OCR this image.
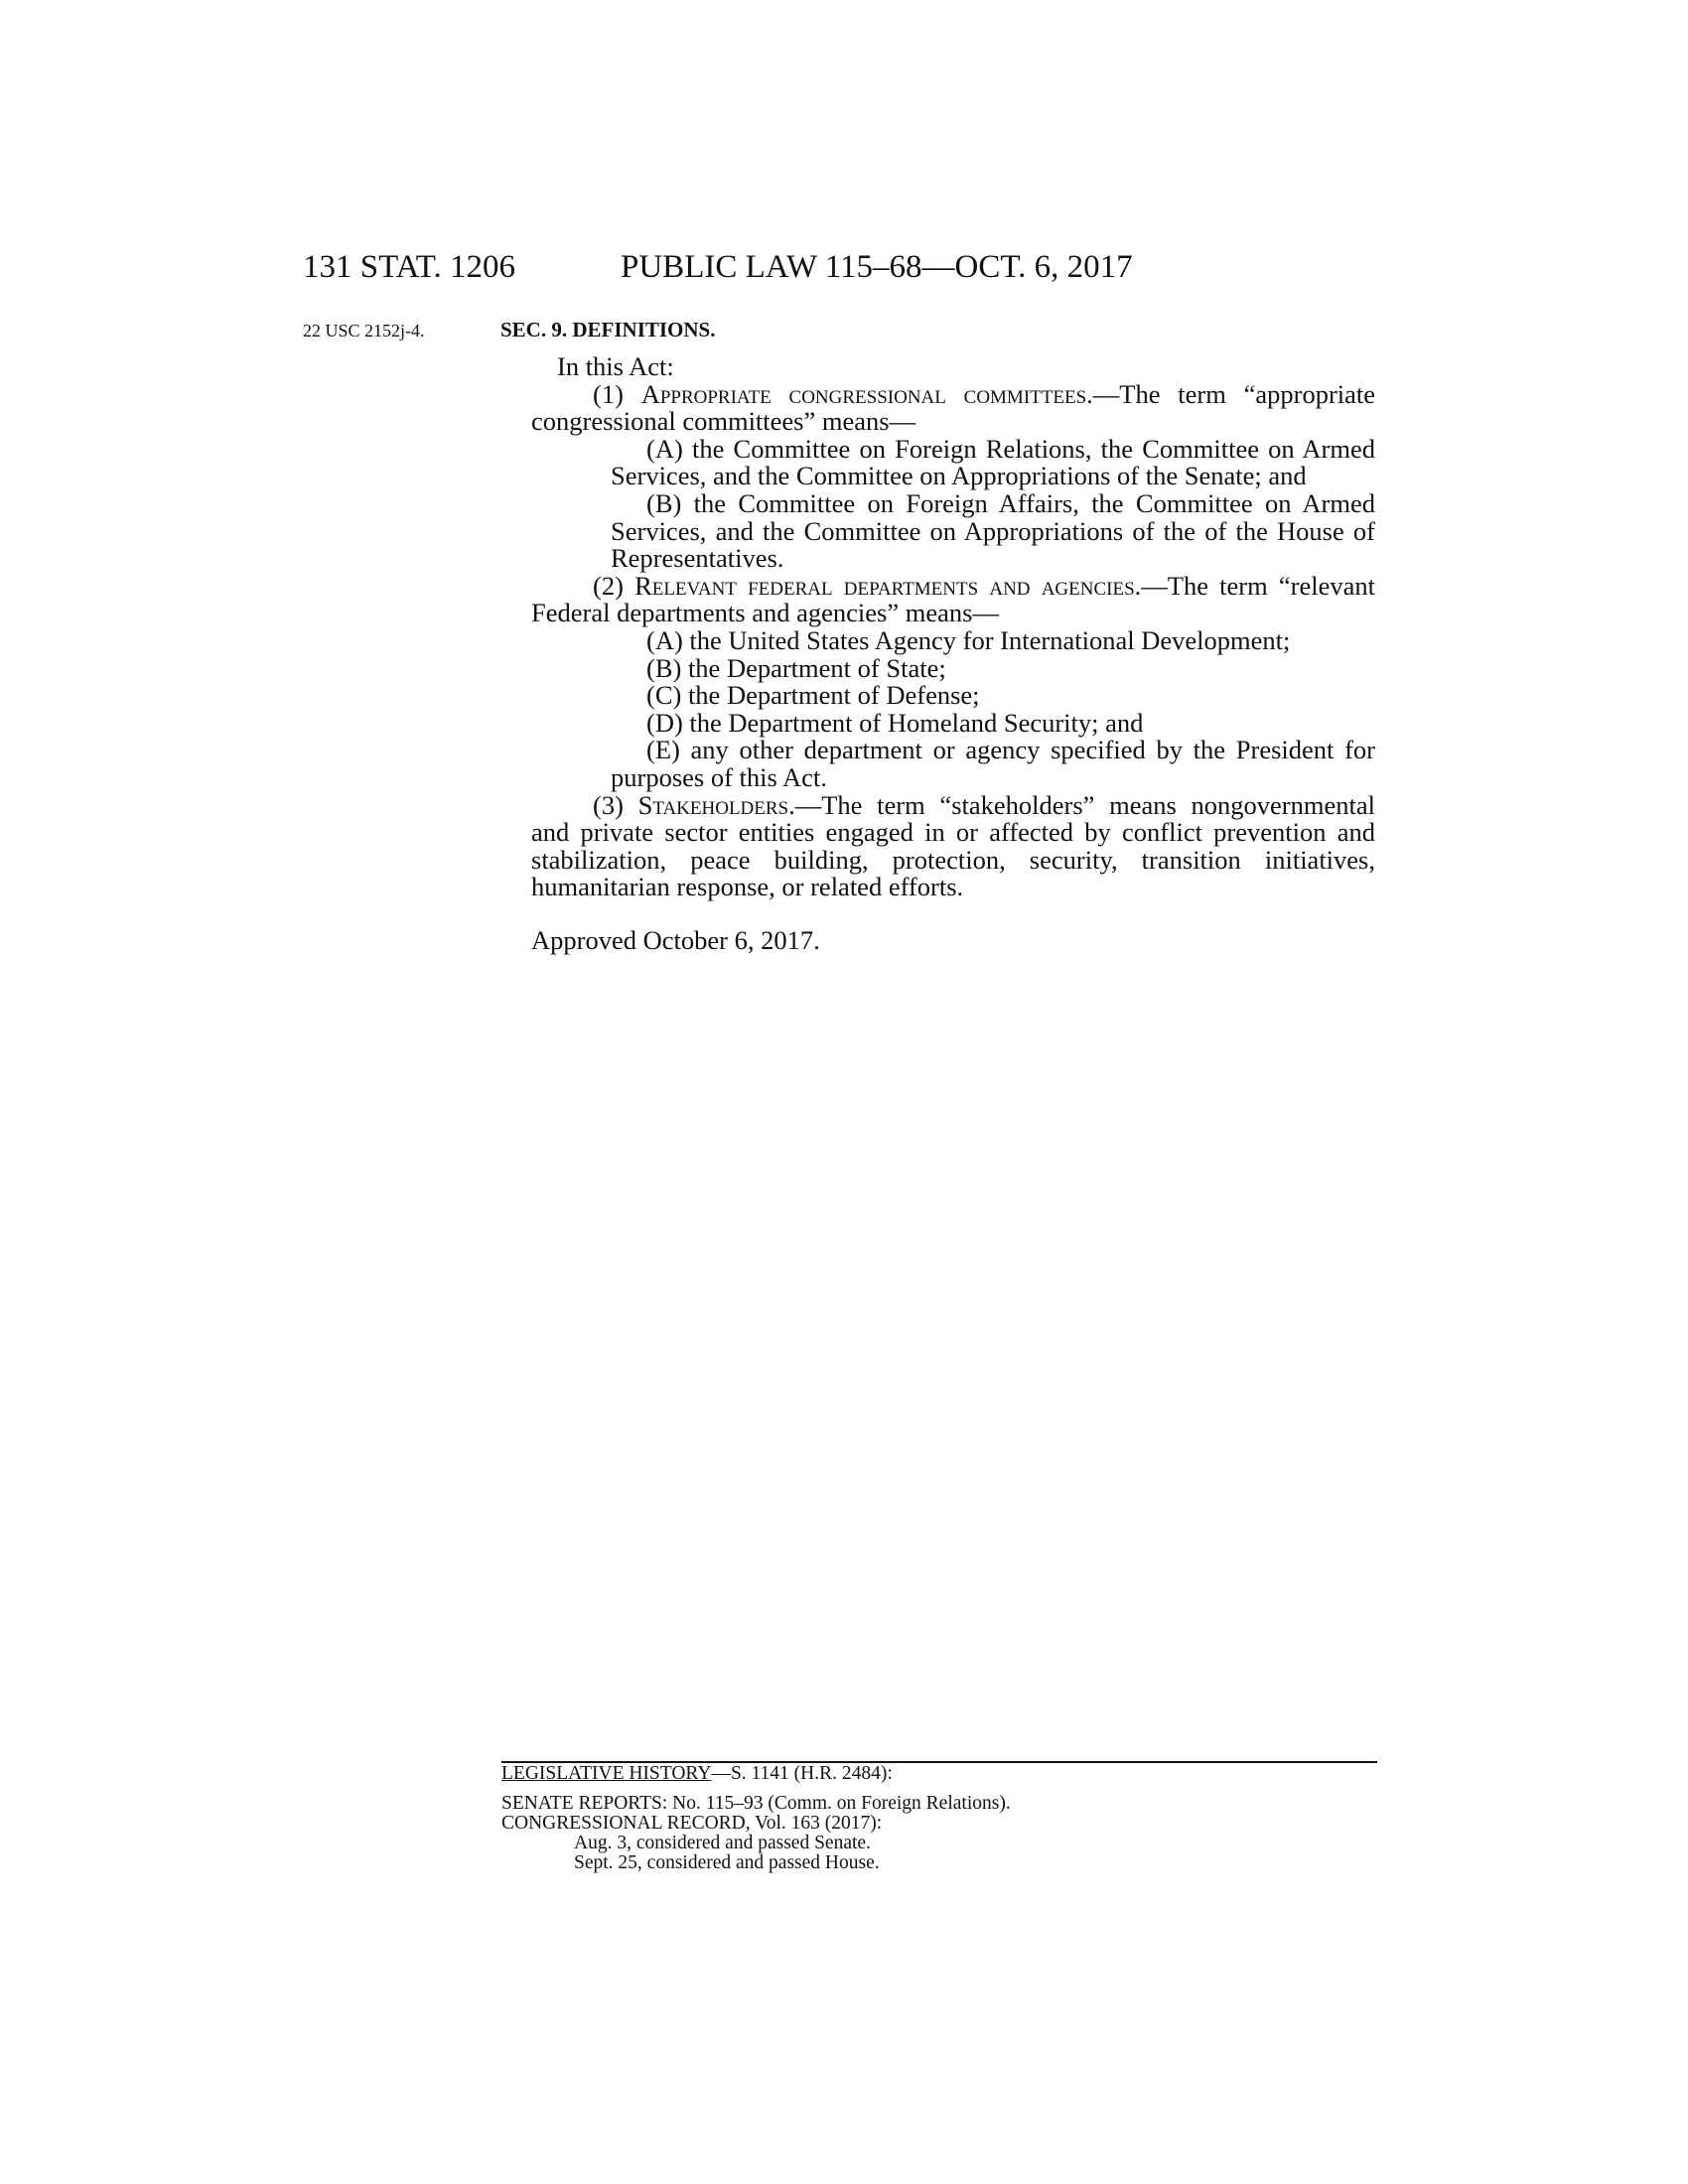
131 STAT. 1206	PUBLIC LAW 115–68—OCT. 6, 2017
22 USC 2152j-4.	SEC. 9. DEFINITIONS.

In this Act:

(1) Appropriate congressional committees.—The term “appropriate congressional committees” means—

(A) the Committee on Foreign Relations, the Committee on Armed Services, and the Committee on Appropriations of the Senate; and

(B) the Committee on Foreign Affairs, the Committee on Armed Services, and the Committee on Appropriations of the of the House of Representatives.

(2) Relevant federal departments and agencies.—The term “relevant Federal departments and agencies” means—

(A) the United States Agency for International Development;

(B) the Department of State;

(C) the Department of Defense;

(D) the Department of Homeland Security; and

(E) any other department or agency specified by the President for purposes of this Act.

(3) Stakeholders.—The term “stakeholders” means nongovernmental and private sector entities engaged in or affected by conflict prevention and stabilization, peace building, protection, security, transition initiatives, humanitarian response, or related efforts.

Approved October 6, 2017.

LEGISLATIVE HISTORY—S. 1141 (H.R. 2484):

SENATE REPORTS: No. 115–93 (Comm. on Foreign Relations).

CONGRESSIONAL RECORD, Vol. 163 (2017):

Aug. 3, considered and passed Senate.

Sept. 25, considered and passed House.
